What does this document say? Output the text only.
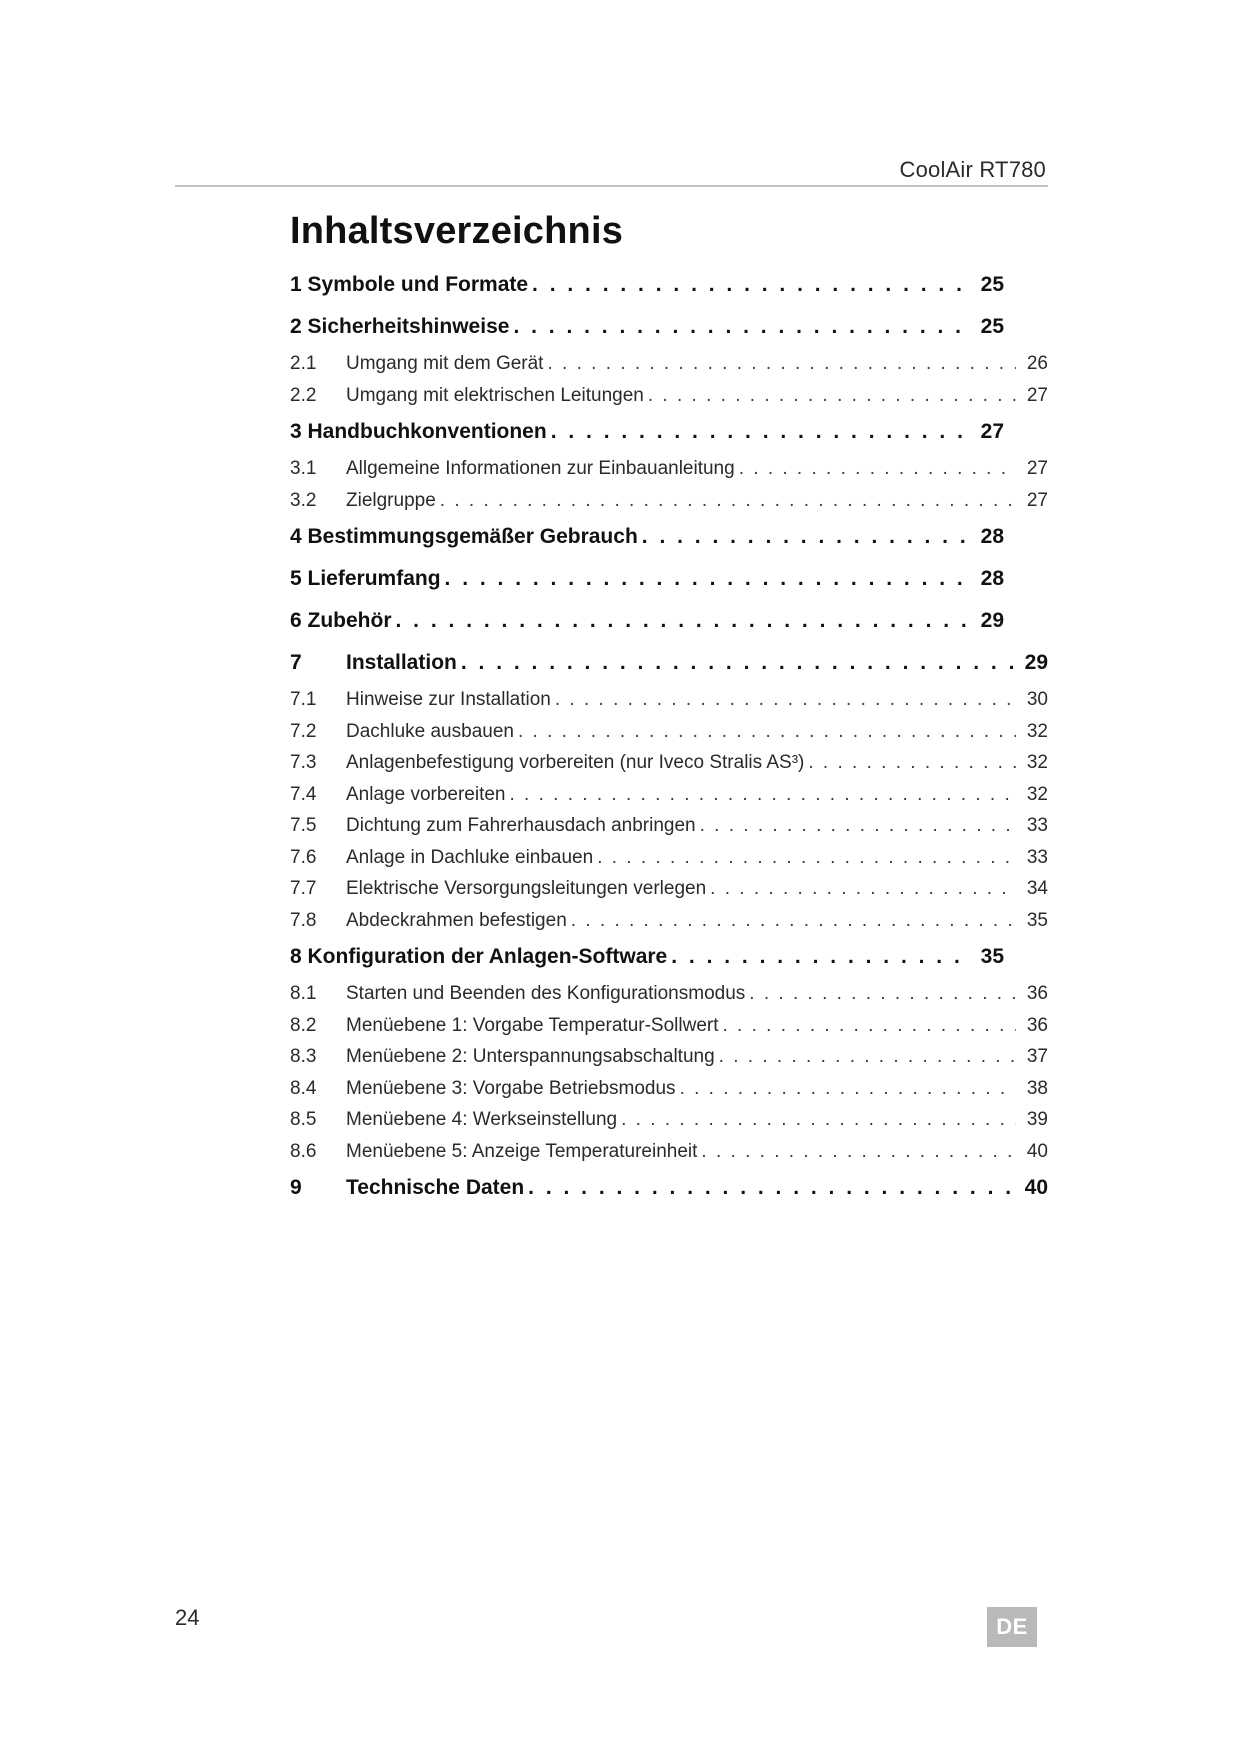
CoolAir RT780
Inhaltsverzeichnis
1 Symbole und Formate . . .	25
2 Sicherheitshinweise . . .	25
2.1	Umgang mit dem Gerät . . .	26
2.2	Umgang mit elektrischen Leitungen . . .	27
3 Handbuchkonventionen . . .	27
3.1	Allgemeine Informationen zur Einbauanleitung . . .	27
3.2	Zielgruppe . . .	27
4 Bestimmungsgemäßer Gebrauch . . .	28
5 Lieferumfang . . .	28
6 Zubehör . . .	29
7	Installation . . .	29
7.1	Hinweise zur Installation . . .	30
7.2	Dachluke ausbauen . . .	32
7.3	Anlagenbefestigung vorbereiten (nur Iveco Stralis AS³) . . .	32
7.4	Anlage vorbereiten . . .	32
7.5	Dichtung zum Fahrerhausdach anbringen . . .	33
7.6	Anlage in Dachluke einbauen . . .	33
7.7	Elektrische Versorgungsleitungen verlegen . . .	34
7.8	Abdeckrahmen befestigen . . .	35
8 Konfiguration der Anlagen-Software . . .	35
8.1	Starten und Beenden des Konfigurationsmodus . . .	36
8.2	Menüebene 1: Vorgabe Temperatur-Sollwert . . .	36
8.3	Menüebene 2: Unterspannungsabschaltung . . .	37
8.4	Menüebene 3: Vorgabe Betriebsmodus . . .	38
8.5	Menüebene 4: Werkseinstellung . . .	39
8.6	Menüebene 5: Anzeige Temperatureinheit . . .	40
9	Technische Daten . . .	40
24	DE
